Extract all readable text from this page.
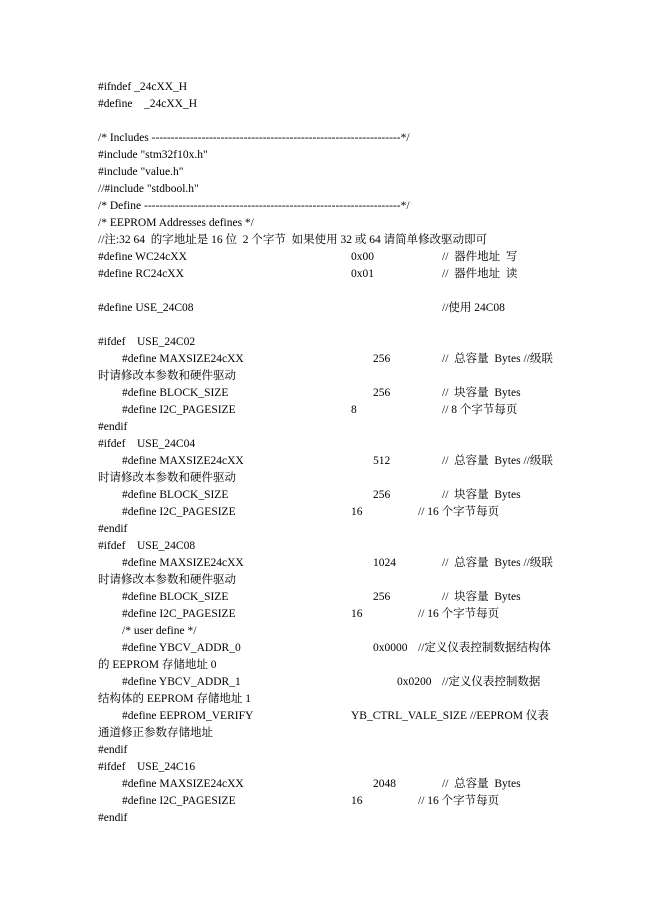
#ifndef _24cXX_H
#define    _24cXX_H
/* Includes -----------------------------------------------------------------*/
#include "stm32f10x.h"
#include "value.h"
//#include "stdbool.h"
/* Define -------------------------------------------------------------------*/
/* EEPROM Addresses defines */
//注:32 64  的字地址是 16 位  2 个字节  如果使用 32 或 64 请简单修改驱动即可
#define WC24cXX	0x00	//  器件地址  写
#define RC24cXX	0x01	//  器件地址  读
#define USE_24C08	//使用 24C08
#ifdef    USE_24C02
#define MAXSIZE24cXX	256	//  总容量  Bytes //级联
时请修改本参数和硬件驱动
#define BLOCK_SIZE	256	//  块容量  Bytes
#define I2C_PAGESIZE	8	// 8 个字节每页
#endif
#ifdef    USE_24C04
#define MAXSIZE24cXX	512	//  总容量  Bytes //级联
时请修改本参数和硬件驱动
#define BLOCK_SIZE	256	//  块容量  Bytes
#define I2C_PAGESIZE	16	// 16 个字节每页
#endif
#ifdef    USE_24C08
#define MAXSIZE24cXX	1024	//  总容量  Bytes //级联
时请修改本参数和硬件驱动
#define BLOCK_SIZE	256	//  块容量  Bytes
#define I2C_PAGESIZE	16	// 16 个字节每页
/* user define */
#define YBCV_ADDR_0	0x0000 //定义仪表控制数据结构体
的 EEPROM 存储地址 0
#define YBCV_ADDR_1	0x0200 //定义仪表控制数据
结构体的 EEPROM 存储地址 1
#define EEPROM_VERIFY	YB_CTRL_VALE_SIZE //EEPROM 仪表
通道修正参数存储地址
#endif
#ifdef    USE_24C16
#define MAXSIZE24cXX	2048	//  总容量  Bytes
#define I2C_PAGESIZE	16	// 16 个字节每页
#endif
